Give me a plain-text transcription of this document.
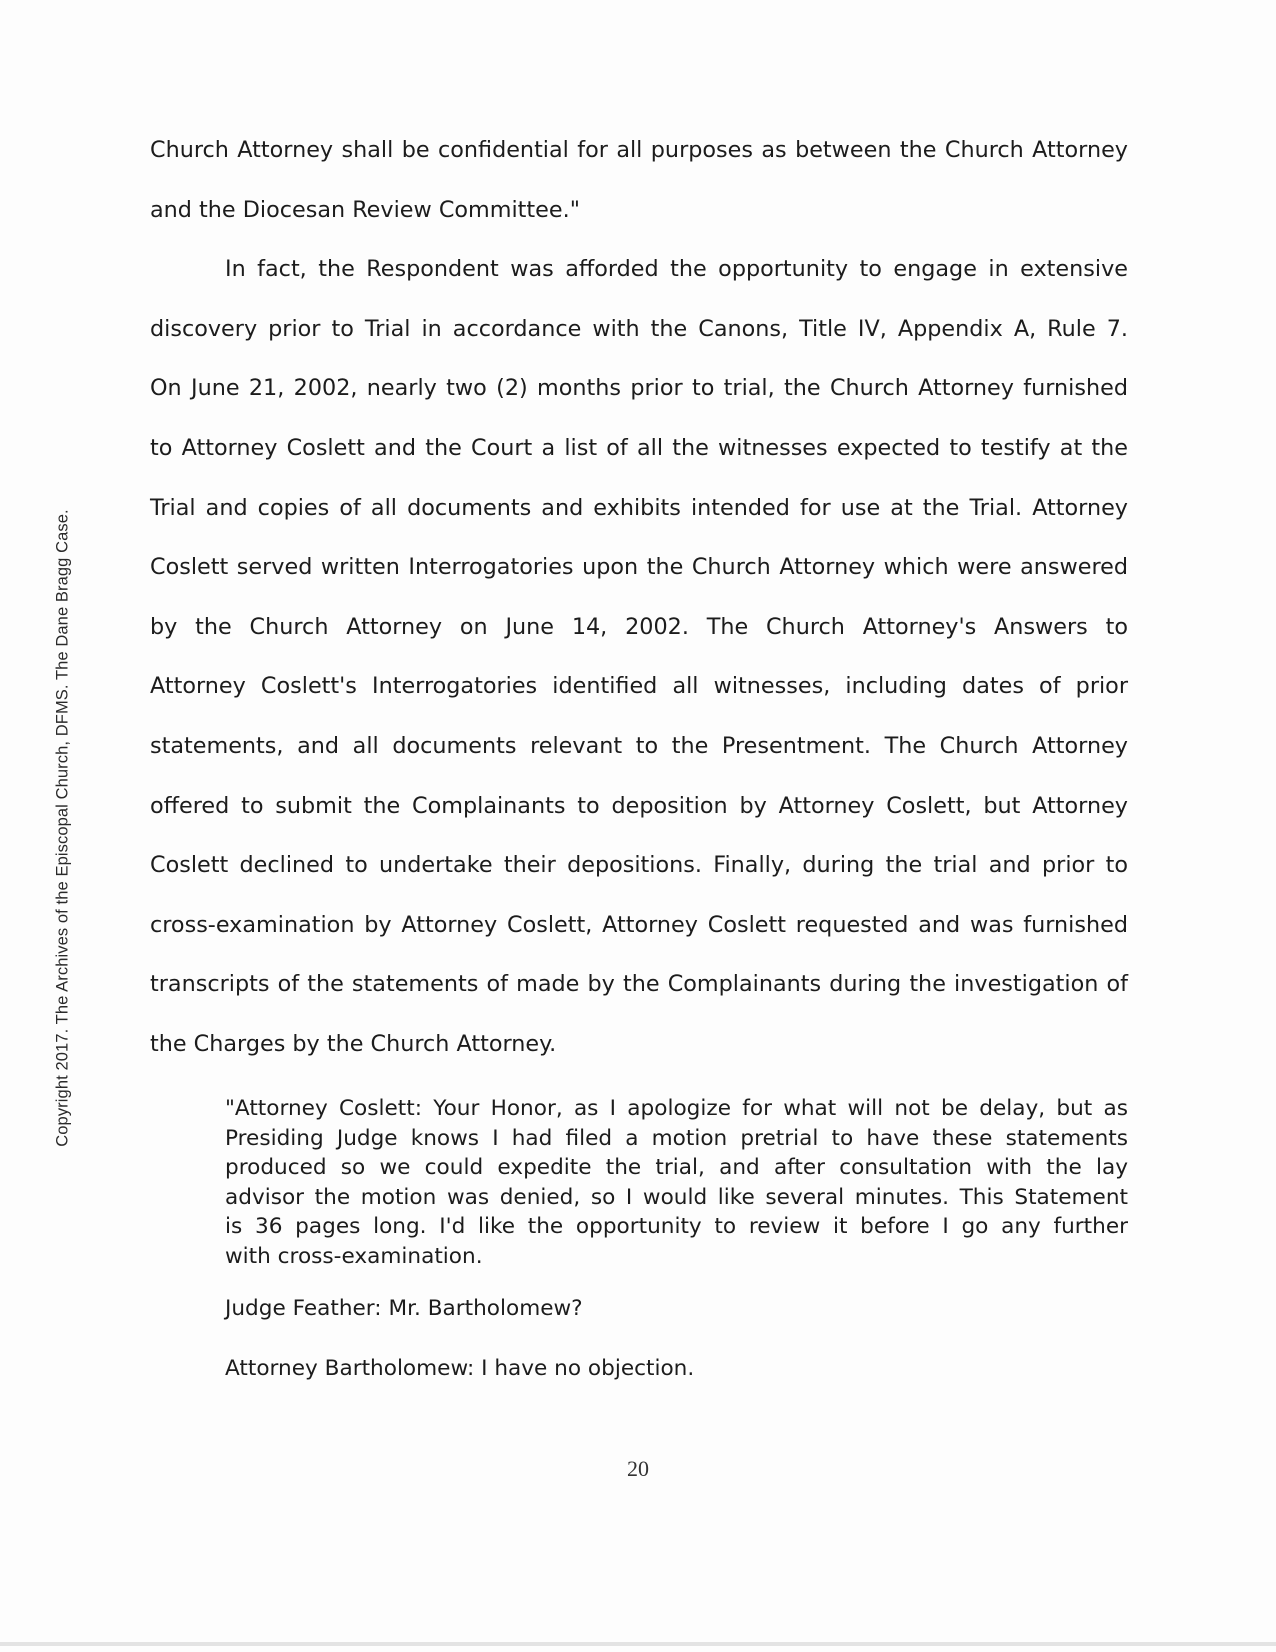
Copyright 2017. The Archives of the Episcopal Church, DFMS. The Dane Bragg Case.

Church Attorney shall be confidential for all purposes as between the Church Attorney

and the Diocesan Review Committee."

In fact, the Respondent was afforded the opportunity to engage in extensive

discovery prior to Trial in accordance with the Canons, Title IV, Appendix A, Rule 7.

On June 21, 2002, nearly two (2) months prior to trial, the Church Attorney furnished

to Attorney Coslett and the Court a list of all the witnesses expected to testify at the

Trial and copies of all documents and exhibits intended for use at the Trial. Attorney

Coslett served written Interrogatories upon the Church Attorney which were answered

by the Church Attorney on June 14, 2002. The Church Attorney's Answers to

Attorney Coslett's Interrogatories identified all witnesses, including dates of prior

statements, and all documents relevant to the Presentment. The Church Attorney

offered to submit the Complainants to deposition by Attorney Coslett, but Attorney

Coslett declined to undertake their depositions. Finally, during the trial and prior to

cross-examination by Attorney Coslett, Attorney Coslett requested and was furnished

transcripts of the statements of made by the Complainants during the investigation of

the Charges by the Church Attorney.

"Attorney Coslett: Your Honor, as I apologize for what will not be delay, but as

Presiding Judge knows I had filed a motion pretrial to have these statements

produced so we could expedite the trial, and after consultation with the lay

advisor the motion was denied, so I would like several minutes. This Statement

is 36 pages long. I'd like the opportunity to review it before I go any further

with cross-examination.

Judge Feather: Mr. Bartholomew?

Attorney Bartholomew: I have no objection.

20
